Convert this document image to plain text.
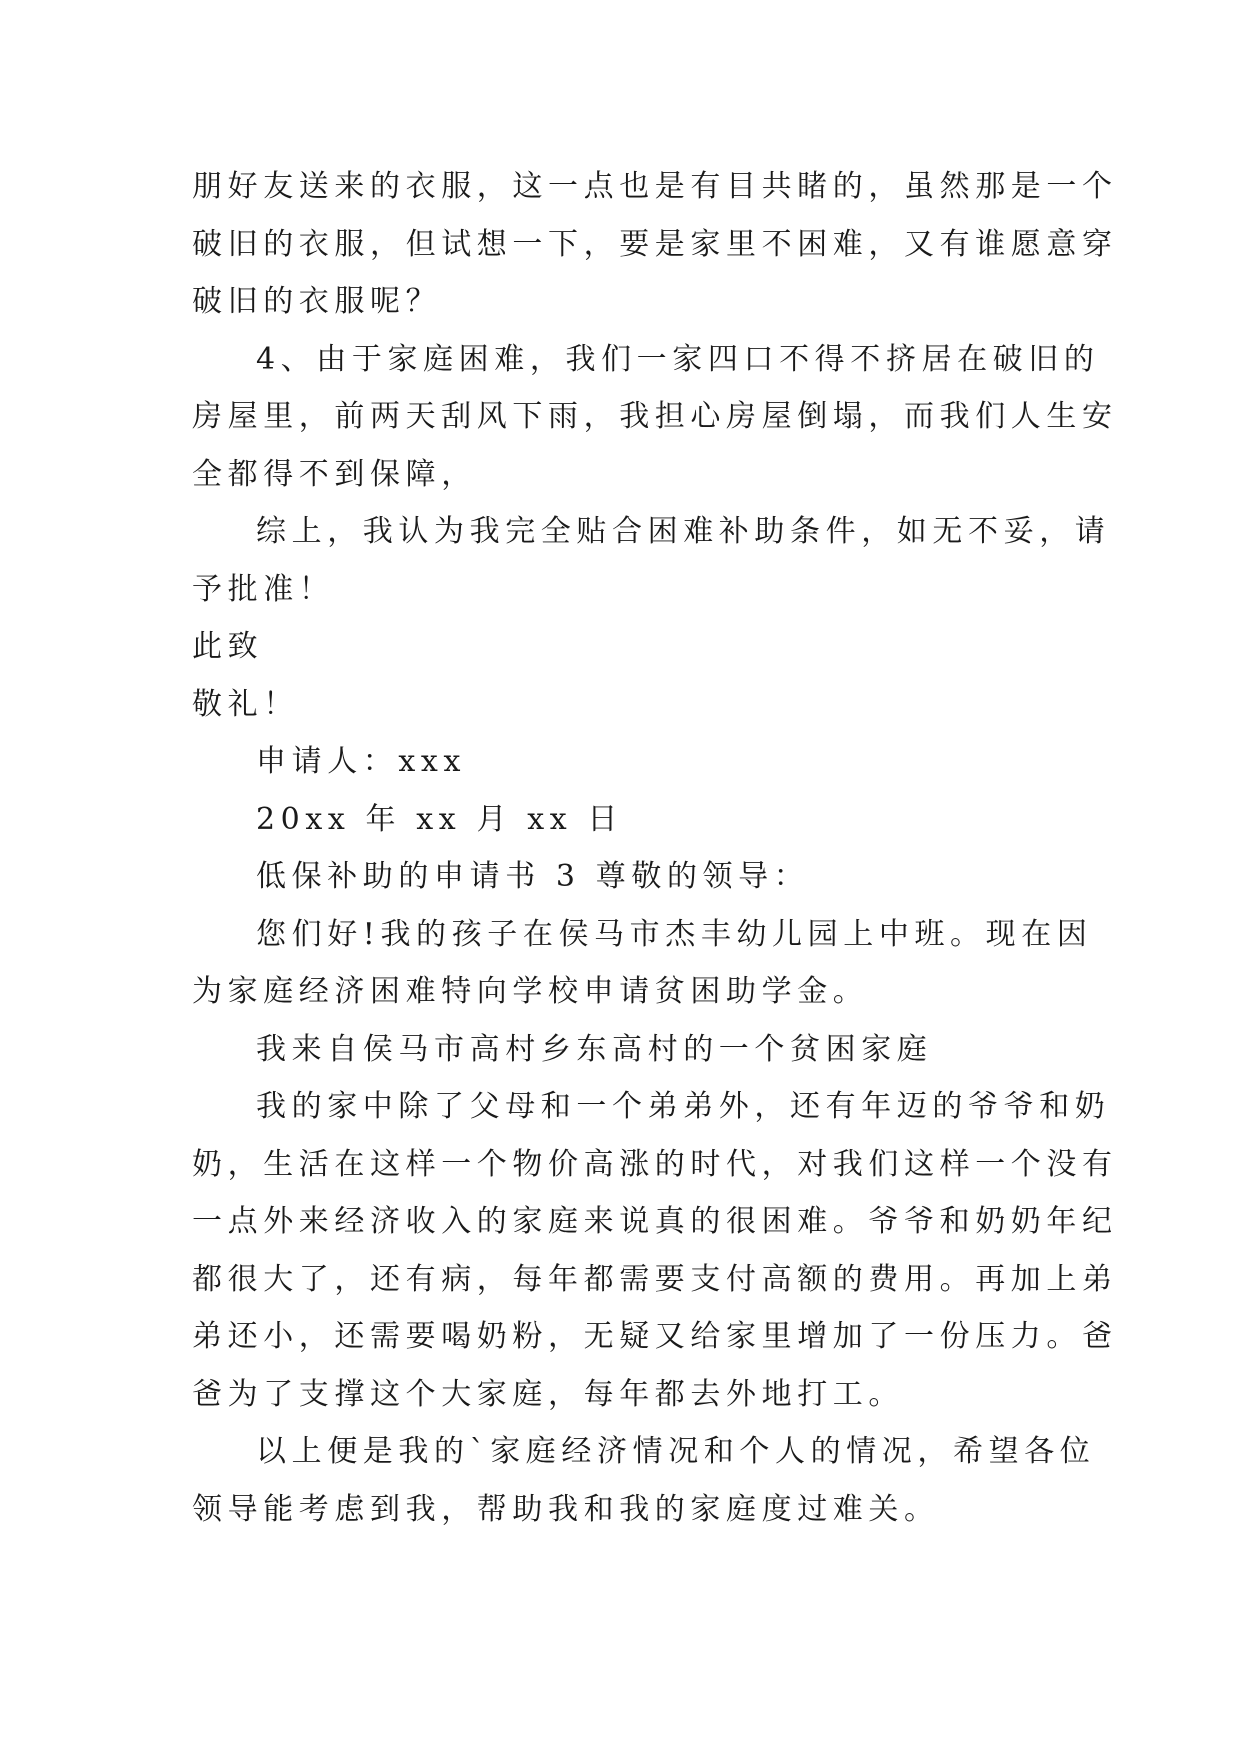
朋好友送来的衣服，这一点也是有目共睹的，虽然那是一个
破旧的衣服，但试想一下，要是家里不困难，又有谁愿意穿
破旧的衣服呢？
4、由于家庭困难，我们一家四口不得不挤居在破旧的
房屋里，前两天刮风下雨，我担心房屋倒塌，而我们人生安
全都得不到保障，
综上，我认为我完全贴合困难补助条件，如无不妥，请
予批准！
此致
敬礼！
申请人：xxx
20xx 年 xx 月 xx 日
低保补助的申请书 3 尊敬的领导：
您们好!我的孩子在侯马市杰丰幼儿园上中班。现在因
为家庭经济困难特向学校申请贫困助学金。
我来自侯马市高村乡东高村的一个贫困家庭
我的家中除了父母和一个弟弟外，还有年迈的爷爷和奶
奶，生活在这样一个物价高涨的时代，对我们这样一个没有
一点外来经济收入的家庭来说真的很困难。爷爷和奶奶年纪
都很大了，还有病，每年都需要支付高额的费用。再加上弟
弟还小，还需要喝奶粉，无疑又给家里增加了一份压力。爸
爸为了支撑这个大家庭，每年都去外地打工。
以上便是我的`家庭经济情况和个人的情况，希望各位
领导能考虑到我，帮助我和我的家庭度过难关。
